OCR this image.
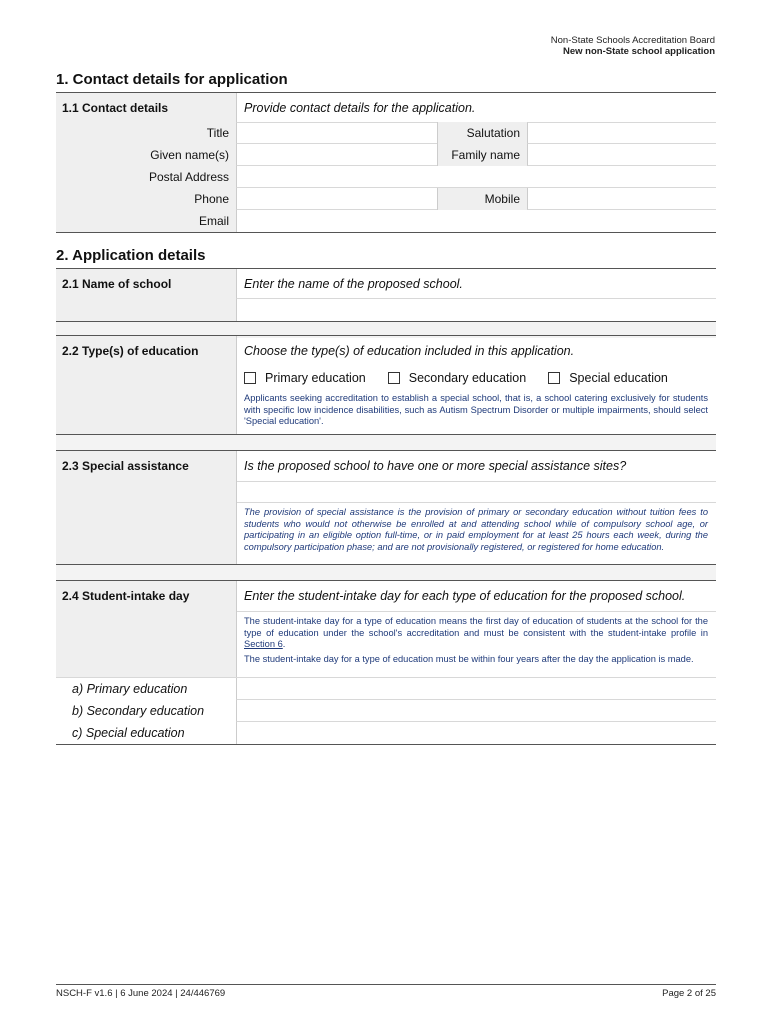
Non-State Schools Accreditation Board
New non-State school application
1. Contact details for application
1.1 Contact details	Provide contact details for the application.
Title	Salutation
Given name(s)	Family name
Postal Address
Phone	Mobile
Email
2. Application details
2.1 Name of school	Enter the name of the proposed school.
2.2 Type(s) of education	Choose the type(s) of education included in this application.
Primary education	Secondary education	Special education
Applicants seeking accreditation to establish a special school, that is, a school catering exclusively for students with specific low incidence disabilities, such as Autism Spectrum Disorder or multiple impairments, should select 'Special education'.
2.3 Special assistance	Is the proposed school to have one or more special assistance sites?
The provision of special assistance is the provision of primary or secondary education without tuition fees to students who would not otherwise be enrolled at and attending school while of compulsory school age, or participating in an eligible option full-time, or in paid employment for at least 25 hours each week, during the compulsory participation phase; and are not provisionally registered, or registered for home education.
2.4 Student-intake day	Enter the student-intake day for each type of education for the proposed school.
The student-intake day for a type of education means the first day of education of students at the school for the type of education under the school's accreditation and must be consistent with the student-intake profile in Section 6.
The student-intake day for a type of education must be within four years after the day the application is made.
a) Primary education
b) Secondary education
c) Special education
NSCH-F v1.6 | 6 June 2024 | 24/446769	Page 2 of 25
